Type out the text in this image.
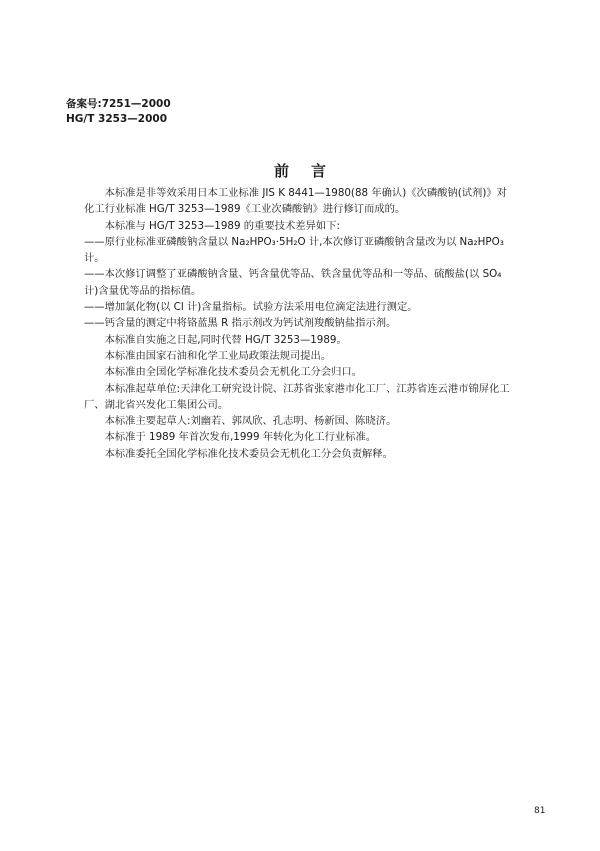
备案号:7251—2000
HG/T 3253—2000
前言

本标准是非等效采用日本工业标准 JIS K 8441—1980(88 年确认)《次磷酸钠(试剂)》对化工行业标准 HG/T 3253—1989《工业次磷酸钠》进行修订而成的。

本标准与 HG/T 3253—1989 的重要技术差异如下:

——原行业标准亚磷酸钠含量以 Na₂HPO₃·5H₂O 计,本次修订亚磷酸钠含量改为以 Na₂HPO₃ 计。

——本次修订调整了亚磷酸钠含量、钙含量优等品、铁含量优等品和一等品、硫酸盐(以 SO₄ 计)含量优等品的指标值。

——增加氯化物(以 Cl 计)含量指标。试验方法采用电位滴定法进行测定。

——钙含量的测定中将铬蓝黑 R 指示剂改为钙试剂羧酸钠盐指示剂。

本标准自实施之日起,同时代替 HG/T 3253—1989。

本标准由国家石油和化学工业局政策法规司提出。

本标准由全国化学标准化技术委员会无机化工分会归口。

本标准起草单位:天津化工研究设计院、江苏省张家港市化工厂、江苏省连云港市锦屏化工厂、湖北省兴发化工集团公司。

本标准主要起草人:刘幽若、郭凤欣、孔志明、杨新国、陈晓济。

本标准于 1989 年首次发布,1999 年转化为化工行业标准。

本标准委托全国化学标准化技术委员会无机化工分会负责解释。

81
